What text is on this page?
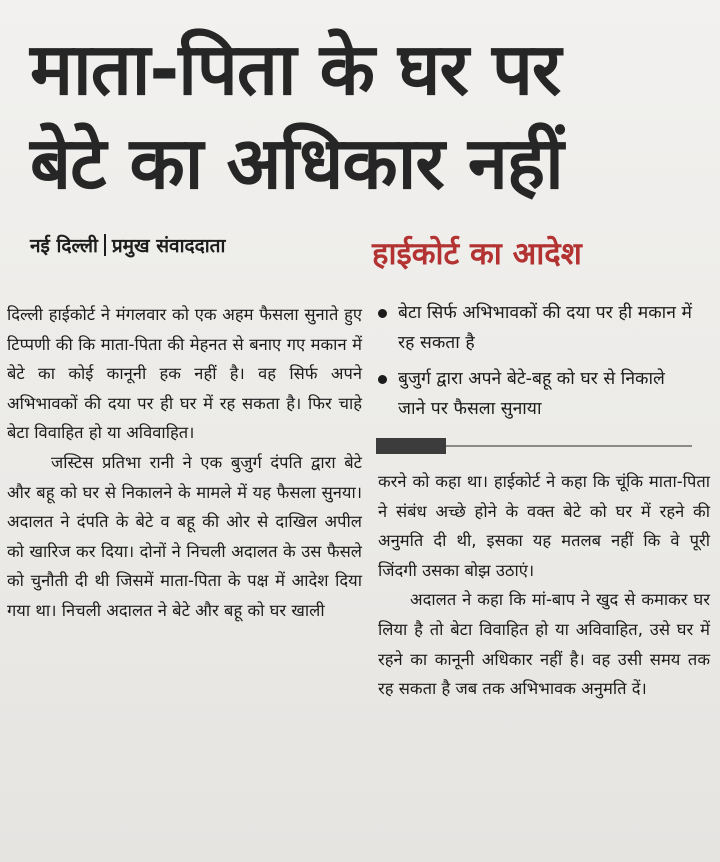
माता-पिता के घर पर
बेटे का अधिकार नहीं
नई दिल्ली प्रमुख संवाददाता	हाईकोर्ट का आदेश

दिल्ली हाईकोर्ट ने मंगलवार को एक अहम फैसला सुनाते हुए टिप्पणी की कि माता-पिता की मेहनत से बनाए गए मकान में बेटे का कोई कानूनी हक नहीं है। वह सिर्फ अपने अभिभावकों की दया पर ही घर में रह सकता है। फिर चाहे बेटा विवाहित हो या अविवाहित।

जस्टिस प्रतिभा रानी ने एक बुजुर्ग दंपति द्वारा बेटे और बहू को घर से निकालने के मामले में यह फैसला सुनया। अदालत ने दंपति के बेटे व बहू की ओर से दाखिल अपील को खारिज कर दिया। दोनों ने निचली अदालत के उस फैसले को चुनौती दी थी जिसमें माता-पिता के पक्ष में आदेश दिया गया था। निचली अदालत ने बेटे और बहू को घर खाली

बेटा सिर्फ अभिभावकों की दया पर ही मकान में रह सकता है
बुजुर्ग द्वारा अपने बेटे-बहू को घर से निकाले जाने पर फैसला सुनाया

करने को कहा था। हाईकोर्ट ने कहा कि चूंकि माता-पिता ने संबंध अच्छे होने के वक्त बेटे को घर में रहने की अनुमति दी थी, इसका यह मतलब नहीं कि वे पूरी जिंदगी उसका बोझ उठाएं।

अदालत ने कहा कि मां-बाप ने खुद से कमाकर घर लिया है तो बेटा विवाहित हो या अविवाहित, उसे घर में रहने का कानूनी अधिकार नहीं है। वह उसी समय तक रह सकता है जब तक अभिभावक अनुमति दें।
